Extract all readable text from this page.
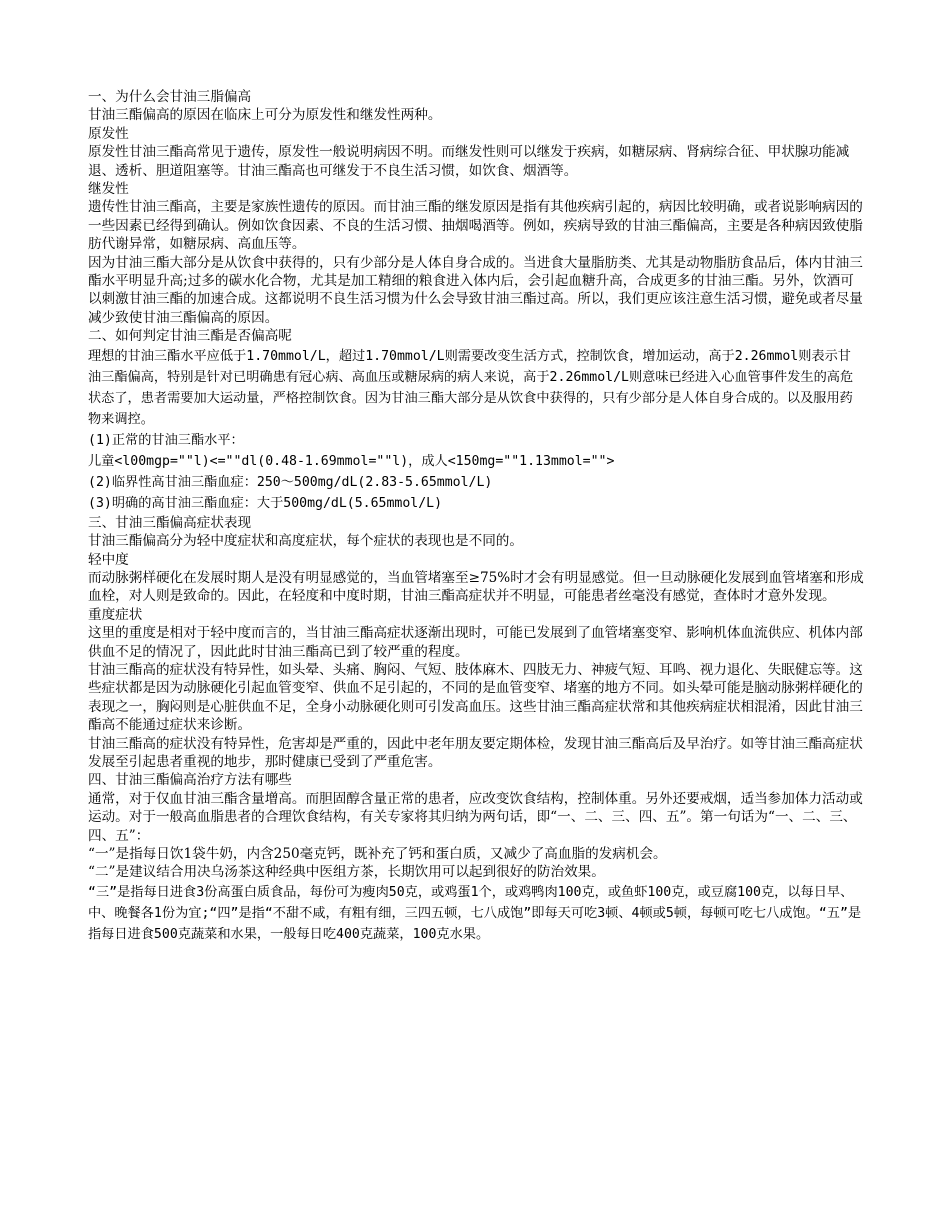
一、为什么会甘油三脂偏高

甘油三酯偏高的原因在临床上可分为原发性和继发性两种。

原发性

原发性甘油三酯高常见于遗传，原发性一般说明病因不明。而继发性则可以继发于疾病，如糖尿病、肾病综合征、甲状腺功能减退、透析、胆道阻塞等。甘油三酯高也可继发于不良生活习惯，如饮食、烟酒等。

继发性

遗传性甘油三酯高，主要是家族性遗传的原因。而甘油三酯的继发原因是指有其他疾病引起的，病因比较明确，或者说影响病因的一些因素已经得到确认。例如饮食因素、不良的生活习惯、抽烟喝酒等。例如，疾病导致的甘油三酯偏高，主要是各种病因致使脂肪代谢异常，如糖尿病、高血压等。

因为甘油三酯大部分是从饮食中获得的，只有少部分是人体自身合成的。当进食大量脂肪类、尤其是动物脂肪食品后，体内甘油三酯水平明显升高;过多的碳水化合物，尤其是加工精细的粮食进入体内后，会引起血糖升高，合成更多的甘油三酯。另外，饮酒可以刺激甘油三酯的加速合成。这都说明不良生活习惯为什么会导致甘油三酯过高。所以，我们更应该注意生活习惯，避免或者尽量减少致使甘油三酯偏高的原因。

二、如何判定甘油三酯是否偏高呢

理想的甘油三酯水平应低于1.70mmol/L，超过1.70mmol/L则需要改变生活方式，控制饮食，增加运动，高于2.26mmol则表示甘油三酯偏高，特别是针对已明确患有冠心病、高血压或糖尿病的病人来说，高于2.26mmol/L则意味已经进入心血管事件发生的高危状态了，患者需要加大运动量，严格控制饮食。因为甘油三酯大部分是从饮食中获得的，只有少部分是人体自身合成的。以及服用药物来调控。

(1)正常的甘油三酯水平：

儿童<l00mgp=""l)<=""dl(0.48-1.69mmol=""l)，成人<150mg=""1.13mmol="">

(2)临界性高甘油三酯血症：250～500mg/dL(2.83-5.65mmol/L)

(3)明确的高甘油三酯血症：大于500mg/dL(5.65mmol/L)

三、甘油三酯偏高症状表现

甘油三酯偏高分为轻中度症状和高度症状，每个症状的表现也是不同的。

轻中度

而动脉粥样硬化在发展时期人是没有明显感觉的，当血管堵塞至≥75%时才会有明显感觉。但一旦动脉硬化发展到血管堵塞和形成血栓，对人则是致命的。因此，在轻度和中度时期，甘油三酯高症状并不明显，可能患者丝毫没有感觉，查体时才意外发现。

重度症状

这里的重度是相对于轻中度而言的，当甘油三酯高症状逐渐出现时，可能已发展到了血管堵塞变窄、影响机体血流供应、机体内部供血不足的情况了，因此此时甘油三酯高已到了较严重的程度。

甘油三酯高的症状没有特异性，如头晕、头痛、胸闷、气短、肢体麻木、四肢无力、神疲气短、耳鸣、视力退化、失眠健忘等。这些症状都是因为动脉硬化引起血管变窄、供血不足引起的，不同的是血管变窄、堵塞的地方不同。如头晕可能是脑动脉粥样硬化的表现之一，胸闷则是心脏供血不足，全身小动脉硬化则可引发高血压。这些甘油三酯高症状常和其他疾病症状相混淆，因此甘油三酯高不能通过症状来诊断。

甘油三酯高的症状没有特异性，危害却是严重的，因此中老年朋友要定期体检，发现甘油三酯高后及早治疗。如等甘油三酯高症状发展至引起患者重视的地步，那时健康已受到了严重危害。

四、甘油三酯偏高治疗方法有哪些

通常，对于仅血甘油三酯含量增高。而胆固醇含量正常的患者，应改变饮食结构，控制体重。另外还要戒烟，适当参加体力活动或运动。对于一般高血脂患者的合理饮食结构，有关专家将其归纳为两句话，即“一、二、三、四、五”。第一句话为“一、二、三、四、五”：

“一”是指每日饮1袋牛奶，内含250毫克钙，既补充了钙和蛋白质，又减少了高血脂的发病机会。

“二”是建议结合用决乌汤茶这种经典中医组方茶，长期饮用可以起到很好的防治效果。

“三”是指每日进食3份高蛋白质食品，每份可为瘦肉50克，或鸡蛋1个，或鸡鸭肉100克，或鱼虾100克，或豆腐100克，以每日早、中、晚餐各1份为宜;“四”是指“不甜不咸，有粗有细，三四五顿，七八成饱”即每天可吃3顿、4顿或5顿，每顿可吃七八成饱。“五”是指每日进食500克蔬菜和水果，一般每日吃400克蔬菜，100克水果。
